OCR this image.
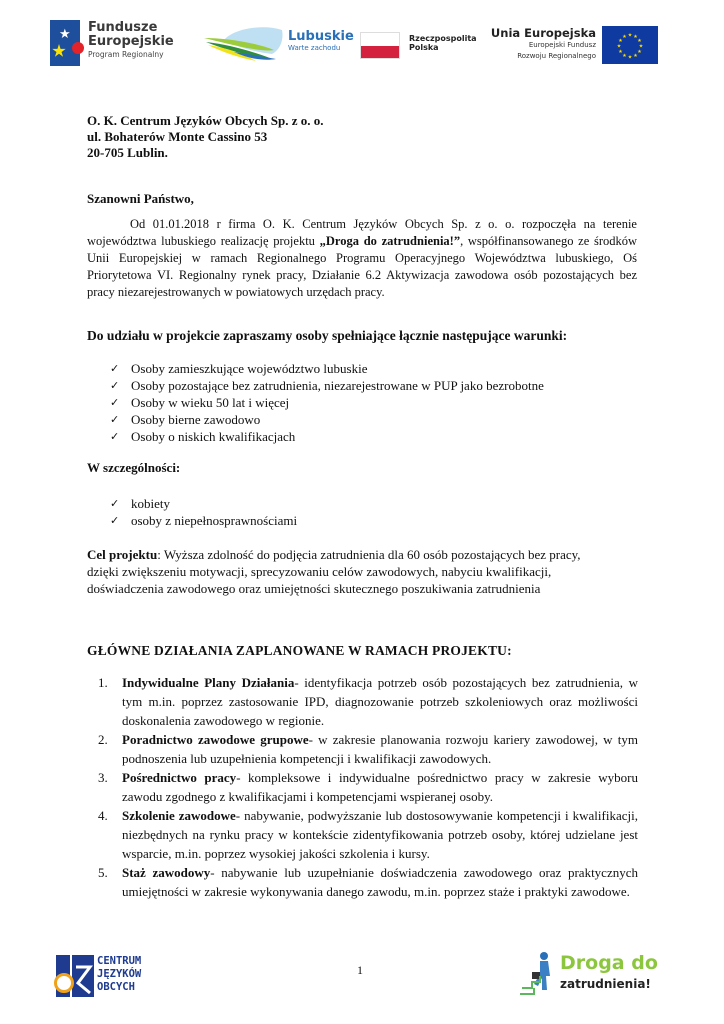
★ Fundusze
Europejskie
Program Regionalny
Lubuskie
Warte zachodu
Rzeczpospolita
Polska
Unia Europejska
Europejski Fundusz
Rozwoju Regionalnego
★ ★
★
★
★
★
★
★
★
★
★
★
O. K. Centrum Języków Obcych Sp. z o. o.
ul. Bohaterów Monte Cassino 53
20-705 Lublin.
Szanowni Państwo,
Od 01.01.2018 r firma O. K. Centrum Języków Obcych Sp. z o. o. rozpoczęła na terenie województwa lubuskiego realizację projektu „Droga do zatrudnienia!”, współfinansowanego ze środków Unii Europejskiej w ramach Regionalnego Programu Operacyjnego Województwa lubuskiego, Oś Priorytetowa VI. Regionalny rynek pracy, Działanie 6.2 Aktywizacja zawodowa osób pozostających bez pracy niezarejestrowanych w powiatowych urzędach pracy.
Do udziału w projekcie zapraszamy osoby spełniające łącznie następujące warunki:
✓ Osoby zamieszkujące województwo lubuskie
✓ Osoby pozostające bez zatrudnienia, niezarejestrowane w PUP jako bezrobotne
✓ Osoby w wieku 50 lat i więcej
✓ Osoby bierne zawodowo
✓ Osoby o niskich kwalifikacjach
W szczególności:
✓ kobiety
✓ osoby z niepełnosprawnościami
Cel projektu: Wyższa zdolność do podjęcia zatrudnienia dla 60 osób pozostających bez pracy, dzięki zwiększeniu motywacji, sprecyzowaniu celów zawodowych, nabyciu kwalifikacji, doświadczenia zawodowego oraz umiejętności skutecznego poszukiwania zatrudnienia
GŁÓWNE DZIAŁANIA ZAPLANOWANE W RAMACH PROJEKTU:
1. Indywidualne Plany Działania- identyfikacja potrzeb osób pozostających bez zatrudnienia, w tym m.in. poprzez zastosowanie IPD, diagnozowanie potrzeb szkoleniowych oraz możliwości doskonalenia zawodowego w regionie.
2. Poradnictwo zawodowe grupowe- w zakresie planowania rozwoju kariery zawodowej, w tym podnoszenia lub uzupełnienia kompetencji i kwalifikacji zawodowych.
3. Pośrednictwo pracy- kompleksowe i indywidualne pośrednictwo pracy w zakresie wyboru zawodu zgodnego z kwalifikacjami i kompetencjami wspieranej osoby.
4. Szkolenie zawodowe- nabywanie, podwyższanie lub dostosowywanie kompetencji i kwalifikacji, niezbędnych na rynku pracy w kontekście zidentyfikowania potrzeb osoby, której udzielane jest wsparcie, m.in. poprzez wysokiej jakości szkolenia i kursy.
5. Staż zawodowy- nabywanie lub uzupełnianie doświadczenia zawodowego oraz praktycznych umiejętności w zakresie wykonywania danego zawodu, m.in. poprzez staże i praktyki zawodowe.
CENTRUM
JĘZYKÓW
OBCYCH
1	Droga do
zatrudnienia!
